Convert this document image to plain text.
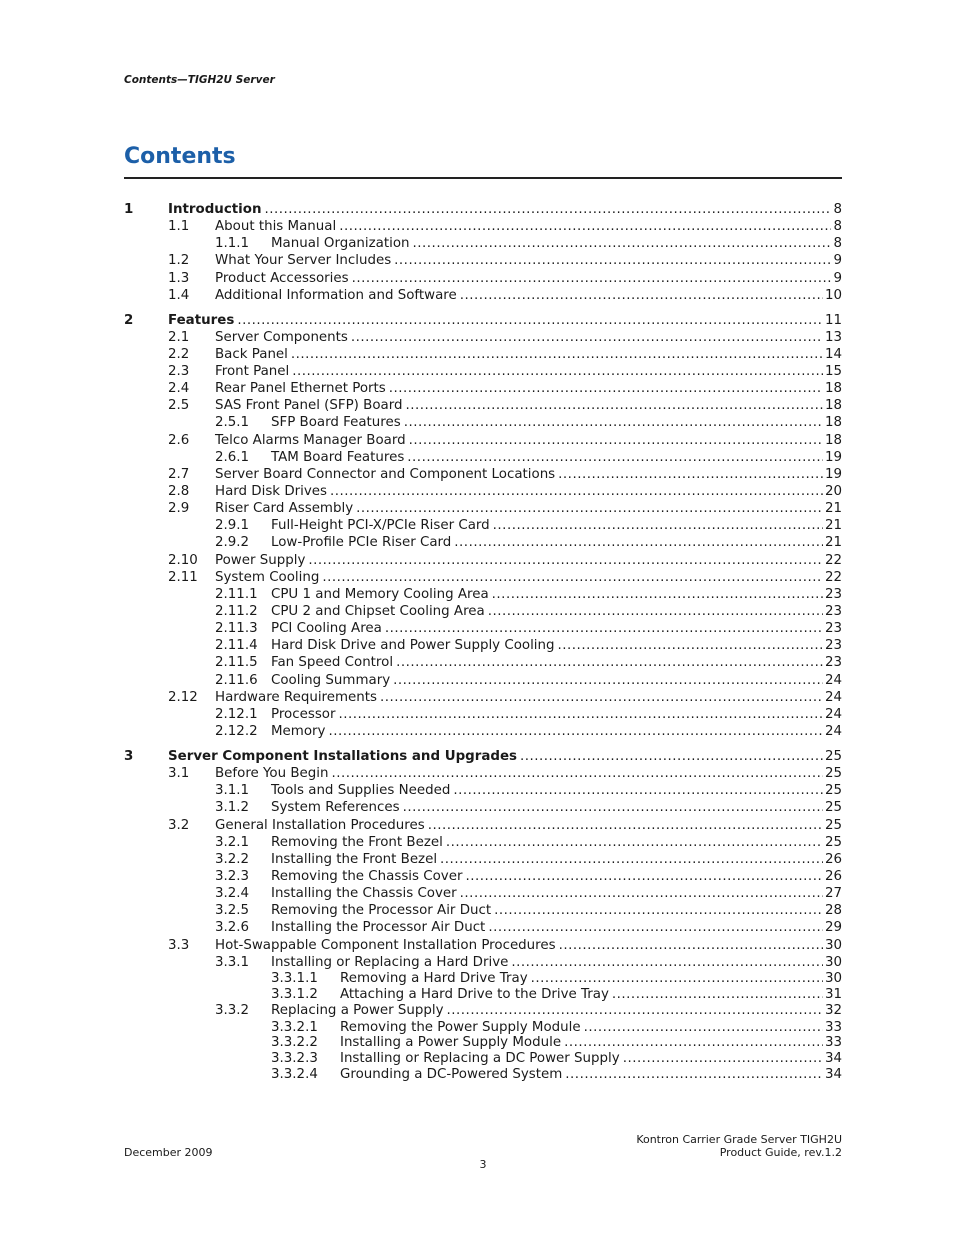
Contents—TIGH2U Server
Contents
1	Introduction .....	8
1.1 About this Manual .....	8
1.1.1 Manual Organization .....	8
1.2 What Your Server Includes .....	9
1.3 Product Accessories .....	9
1.4 Additional Information and Software .....	10
2	Features .....	11
2.1 Server Components .....	13
2.2 Back Panel .....	14
2.3 Front Panel .....	15
2.4 Rear Panel Ethernet Ports .....	18
2.5 SAS Front Panel (SFP) Board .....	18
2.5.1 SFP Board Features .....	18
2.6 Telco Alarms Manager Board .....	18
2.6.1 TAM Board Features .....	19
2.7 Server Board Connector and Component Locations .....	19
2.8 Hard Disk Drives .....	20
2.9 Riser Card Assembly .....	21
2.9.1 Full-Height PCI-X/PCIe Riser Card .....	21
2.9.2 Low-Profile PCIe Riser Card .....	21
2.10 Power Supply .....	22
2.11 System Cooling .....	22
2.11.1 CPU 1 and Memory Cooling Area .....	23
2.11.2 CPU 2 and Chipset Cooling Area .....	23
2.11.3 PCI Cooling Area .....	23
2.11.4 Hard Disk Drive and Power Supply Cooling .....	23
2.11.5 Fan Speed Control .....	23
2.11.6 Cooling Summary .....	24
2.12 Hardware Requirements .....	24
2.12.1 Processor .....	24
2.12.2 Memory .....	24
3	Server Component Installations and Upgrades .....	25
3.1 Before You Begin .....	25
3.1.1 Tools and Supplies Needed .....	25
3.1.2 System References .....	25
3.2 General Installation Procedures .....	25
3.2.1 Removing the Front Bezel .....	25
3.2.2 Installing the Front Bezel .....	26
3.2.3 Removing the Chassis Cover .....	26
3.2.4 Installing the Chassis Cover .....	27
3.2.5 Removing the Processor Air Duct .....	28
3.2.6 Installing the Processor Air Duct .....	29
3.3 Hot-Swappable Component Installation Procedures .....	30
3.3.1 Installing or Replacing a Hard Drive .....	30
3.3.1.1 Removing a Hard Drive Tray .....	30
3.3.1.2 Attaching a Hard Drive to the Drive Tray .....	31
3.3.2 Replacing a Power Supply .....	32
3.3.2.1 Removing the Power Supply Module .....	33
3.3.2.2 Installing a Power Supply Module .....	33
3.3.2.3 Installing or Replacing a DC Power Supply .....	34
3.3.2.4 Grounding a DC-Powered System .....	34
December 2009
3
Kontron Carrier Grade Server TIGH2U
Product Guide, rev.1.2
